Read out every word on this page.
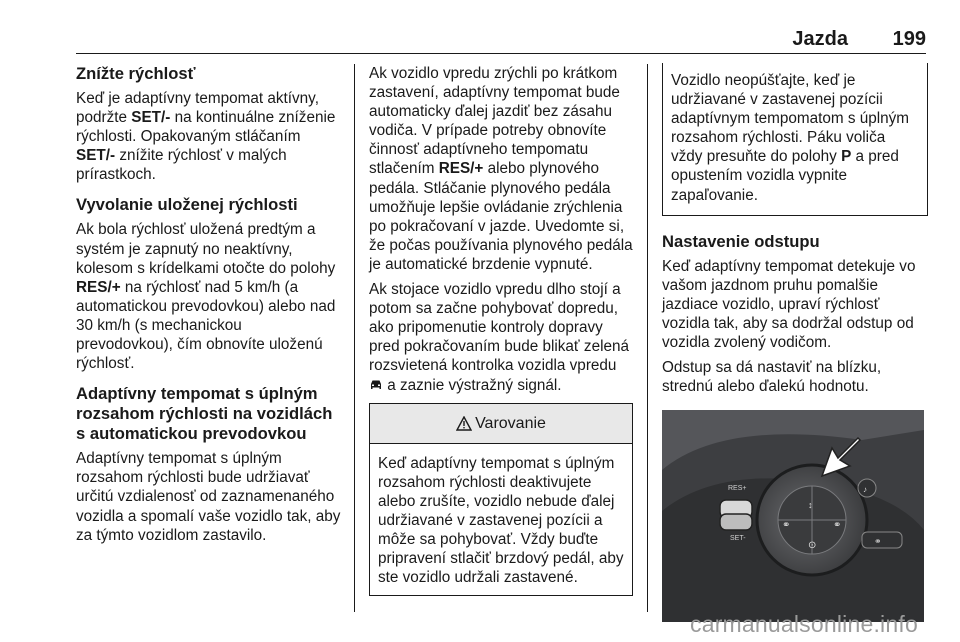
Jazda 199
Znížte rýchlosť

Keď je adaptívny tempomat aktívny, podržte SET/- na kontinuálne zníženie rýchlosti. Opakovaným stláčaním SET/- znížite rýchlosť v malých prírastkoch.

Vyvolanie uloženej rýchlosti

Ak bola rýchlosť uložená predtým a systém je zapnutý no neaktívny, kolesom s krídelkami otočte do polohy RES/+ na rýchlosť nad 5 km/h (a automatickou prevodovkou) alebo nad 30 km/h (s mechanickou prevodovkou), čím obnovíte uloženú rýchlosť.

Adaptívny tempomat s úplným rozsahom rýchlosti na vozidlách s automatickou prevodovkou

Adaptívny tempomat s úplným rozsahom rýchlosti bude udržiavať určitú vzdialenosť od zaznamenaného vozidla a spomalí vaše vozidlo tak, aby za týmto vozidlom zastavilo.

Ak vozidlo vpredu zrýchli po krátkom zastavení, adaptívny tempomat bude automaticky ďalej jazdiť bez zásahu vodiča. V prípade potreby obnovíte činnosť adaptívneho tempomatu stlačením RES/+ alebo plynového pedála. Stláčanie plynového pedála umožňuje lepšie ovládanie zrýchlenia po pokračovaní v jazde. Uvedomte si, že počas používania plynového pedála je automatické brzdenie vypnuté.

Ak stojace vozidlo vpredu dlho stojí a potom sa začne pohybovať dopredu, ako pripomenutie kontroly dopravy pred pokračovaním bude blikať zelená rozsvietená kontrolka vozidla vpredu  a zaznie výstražný signál.

Varovanie
Keď adaptívny tempomat s úplným rozsahom rýchlosti deaktivujete alebo zrušíte, vozidlo nebude ďalej udržiavané v zastavenej pozícii a môže sa pohybovať. Vždy buďte pripravení stlačiť brzdový pedál, aby ste vozidlo udržali zastavené.
Vozidlo neopúšťajte, keď je udržiavané v zastavenej pozícii adaptívnym tempomatom s úplným rozsahom rýchlosti. Páku voliča vždy presuňte do polohy P a pred opustením vozidla vypnite zapaľovanie.
Nastavenie odstupu

Keď adaptívny tempomat detekuje vo vašom jazdnom pruhu pomalšie jazdiace vozidlo, upraví rýchlosť vozidla tak, aby sa dodržal odstup od vozidla zvolený vodičom.

Odstup sa dá nastaviť na blízku, strednú alebo ďalekú hodnotu.

↕
⚭	⚭
⊙
RES+
SET-
♪
⚭
carmanualsonline.info
